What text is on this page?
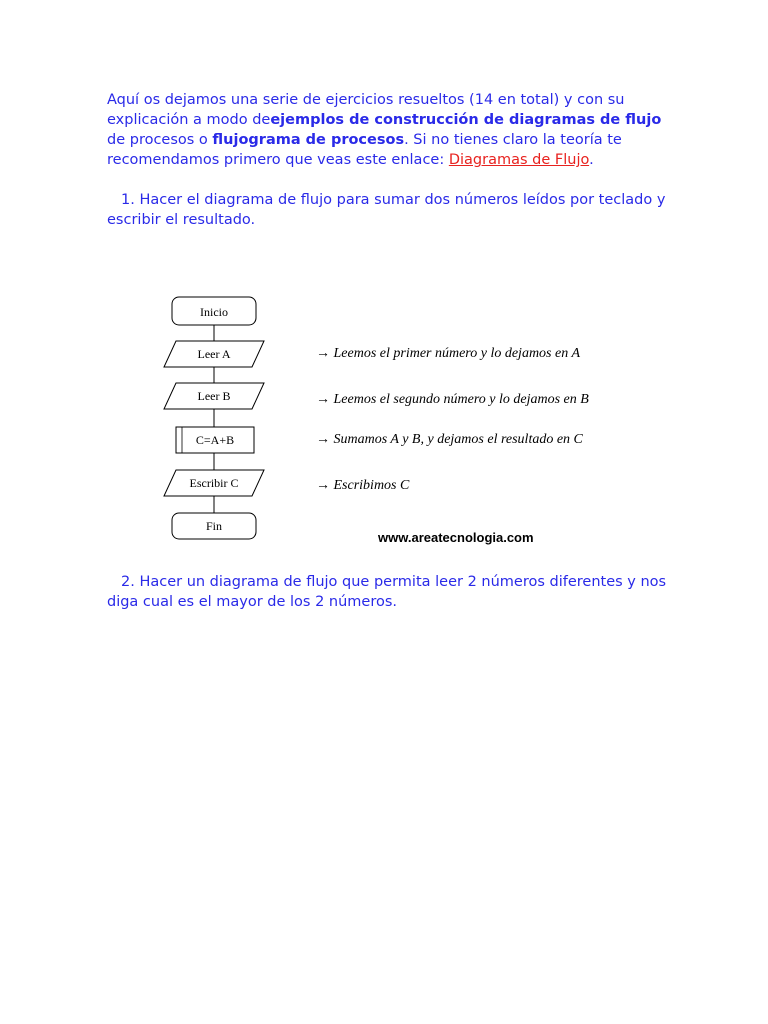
Aquí os dejamos una serie de ejercicios resueltos (14 en total) y con su explicación a modo deejemplos de construcción de diagramas de flujo de procesos o flujograma de procesos. Si no tienes claro la teoría te recomendamos primero que veas este enlace: Diagramas de Flujo.

1. Hacer el diagrama de flujo para sumar dos números leídos por teclado y escribir el resultado.

Inicio
Leer A
Leer B
C=A+B
Escribir C
Fin
→ Leemos el primer número y lo dejamos en A
→ Leemos el segundo número y lo dejamos en B
→ Sumamos A y B, y dejamos el resultado en C
→ Escribimos C
www.areatecnologia.com

2. Hacer un diagrama de flujo que permita leer 2 números diferentes y nos diga cual es el mayor de los 2 números.
